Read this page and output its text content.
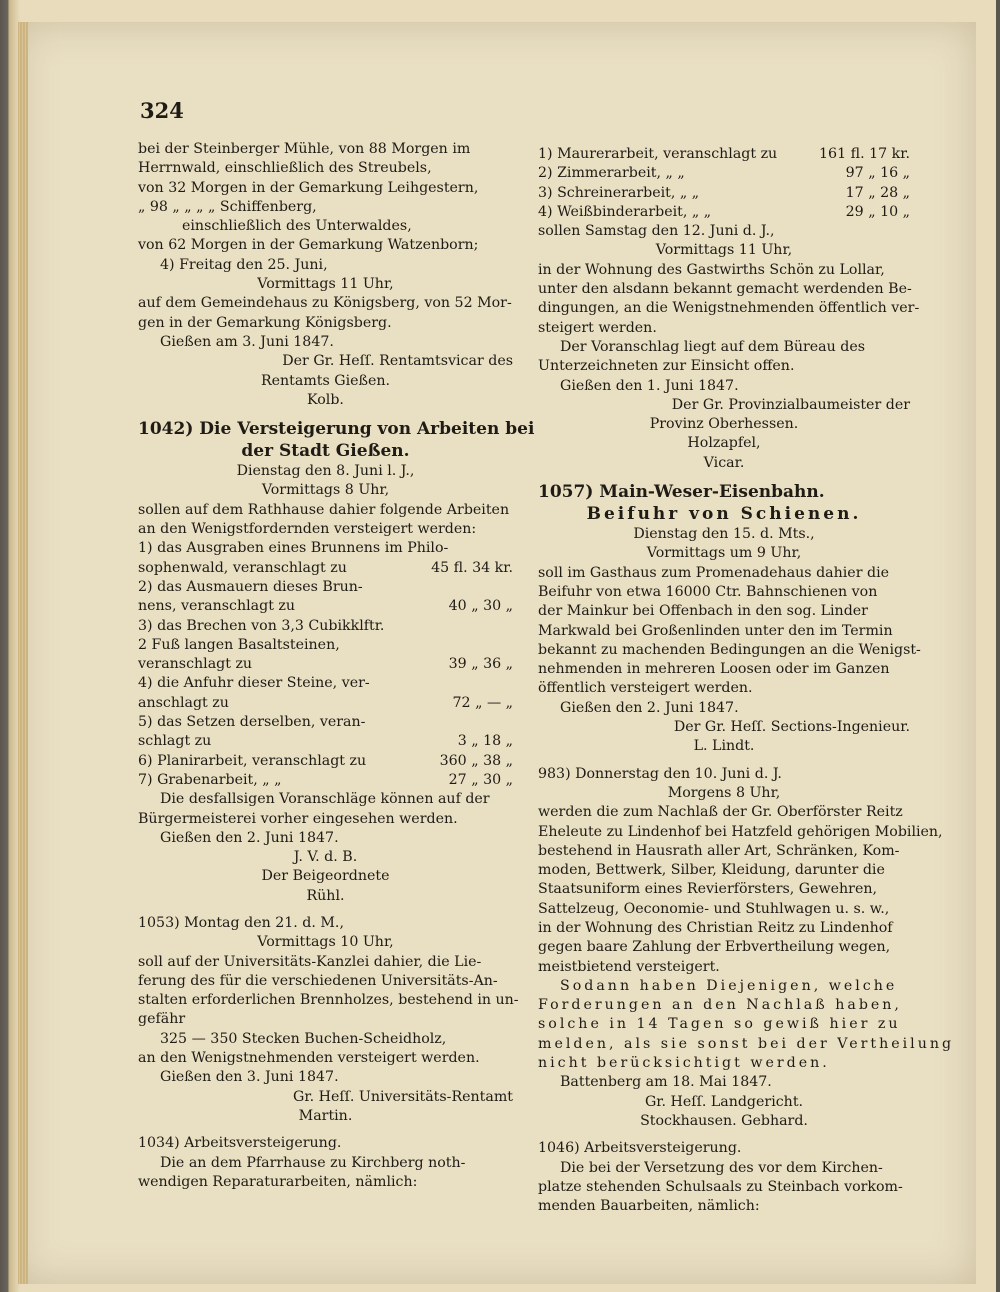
324
bei der Steinberger Mühle, von 88 Morgen im
Herrnwald, einschließlich des Streubels,
von 32 Morgen in der Gemarkung Leihgestern,
„ 98 „ „ „ „ Schiffenberg,
einschließlich des Unterwaldes,
von 62 Morgen in der Gemarkung Watzenborn;
4) Freitag den 25. Juni,
Vormittags 11 Uhr,
auf dem Gemeindehaus zu Königsberg, von 52 Mor-
gen in der Gemarkung Königsberg.
Gießen am 3. Juni 1847.
Der Gr. Heſſ. Rentamtsvicar des
Rentamts Gießen.
Kolb.
1042) Die Versteigerung von Arbeiten bei
der Stadt Gießen.
Dienstag den 8. Juni l. J.,
Vormittags 8 Uhr,
sollen auf dem Rathhause dahier folgende Arbeiten
an den Wenigstfordernden versteigert werden:
1) das Ausgraben eines Brunnens im Philo-
sophenwald, veranschlagt zu	45 fl. 34 kr.
2) das Ausmauern dieses Brun-
nens, veranschlagt zu	40 „ 30 „
3) das Brechen von 3,3 Cubikklftr.
2 Fuß langen Basaltsteinen,
veranschlagt zu	39 „ 36 „
4) die Anfuhr dieser Steine, ver-
anschlagt zu	72 „ — „
5) das Setzen derselben, veran-
schlagt zu	3 „ 18 „
6) Planirarbeit, veranschlagt zu	360 „ 38 „
7) Grabenarbeit, „ „	27 „ 30 „
Die desfallsigen Voranschläge können auf der
Bürgermeisterei vorher eingesehen werden.
Gießen den 2. Juni 1847.
J. V. d. B.
Der Beigeordnete
Rühl.
1053) Montag den 21. d. M.,
Vormittags 10 Uhr,
soll auf der Universitäts-Kanzlei dahier, die Lie-
ferung des für die verschiedenen Universitäts-An-
stalten erforderlichen Brennholzes, bestehend in un-
gefähr
325 — 350 Stecken Buchen-Scheidholz,
an den Wenigstnehmenden versteigert werden.
Gießen den 3. Juni 1847.
Gr. Heſſ. Universitäts-Rentamt
Martin.
1034) Arbeitsversteigerung.
Die an dem Pfarrhause zu Kirchberg noth-
wendigen Reparaturarbeiten, nämlich:
1) Maurerarbeit, veranschlagt zu	161 fl. 17 kr.
2) Zimmerarbeit, „ „	97 „ 16 „
3) Schreinerarbeit, „ „	17 „ 28 „
4) Weißbinderarbeit, „ „	29 „ 10 „
sollen Samstag den 12. Juni d. J.,
Vormittags 11 Uhr,
in der Wohnung des Gastwirths Schön zu Lollar,
unter den alsdann bekannt gemacht werdenden Be-
dingungen, an die Wenigstnehmenden öffentlich ver-
steigert werden.
Der Voranschlag liegt auf dem Büreau des
Unterzeichneten zur Einsicht offen.
Gießen den 1. Juni 1847.
Der Gr. Provinzialbaumeister der
Provinz Oberhessen.
Holzapfel,
Vicar.
1057) Main-Weser-Eisenbahn.
Beifuhr von Schienen.
Dienstag den 15. d. Mts.,
Vormittags um 9 Uhr,
soll im Gasthaus zum Promenadehaus dahier die
Beifuhr von etwa 16000 Ctr. Bahnschienen von
der Mainkur bei Offenbach in den sog. Linder
Markwald bei Großenlinden unter den im Termin
bekannt zu machenden Bedingungen an die Wenigst-
nehmenden in mehreren Loosen oder im Ganzen
öffentlich versteigert werden.
Gießen den 2. Juni 1847.
Der Gr. Heſſ. Sections-Ingenieur.
L. Lindt.
983) Donnerstag den 10. Juni d. J.
Morgens 8 Uhr,
werden die zum Nachlaß der Gr. Oberförster Reitz
Eheleute zu Lindenhof bei Hatzfeld gehörigen Mobilien,
bestehend in Hausrath aller Art, Schränken, Kom-
moden, Bettwerk, Silber, Kleidung, darunter die
Staatsuniform eines Revierförsters, Gewehren,
Sattelzeug, Oeconomie- und Stuhlwagen u. s. w.,
in der Wohnung des Christian Reitz zu Lindenhof
gegen baare Zahlung der Erbvertheilung wegen,
meistbietend versteigert.
Sodann haben Diejenigen, welche
Forderungen an den Nachlaß haben,
solche in 14 Tagen so gewiß hier zu
melden, als sie sonst bei der Vertheilung
nicht berücksichtigt werden.
Battenberg am 18. Mai 1847.
Gr. Heſſ. Landgericht.
Stockhausen. Gebhard.
1046) Arbeitsversteigerung.
Die bei der Versetzung des vor dem Kirchen-
platze stehenden Schulsaals zu Steinbach vorkom-
menden Bauarbeiten, nämlich:
